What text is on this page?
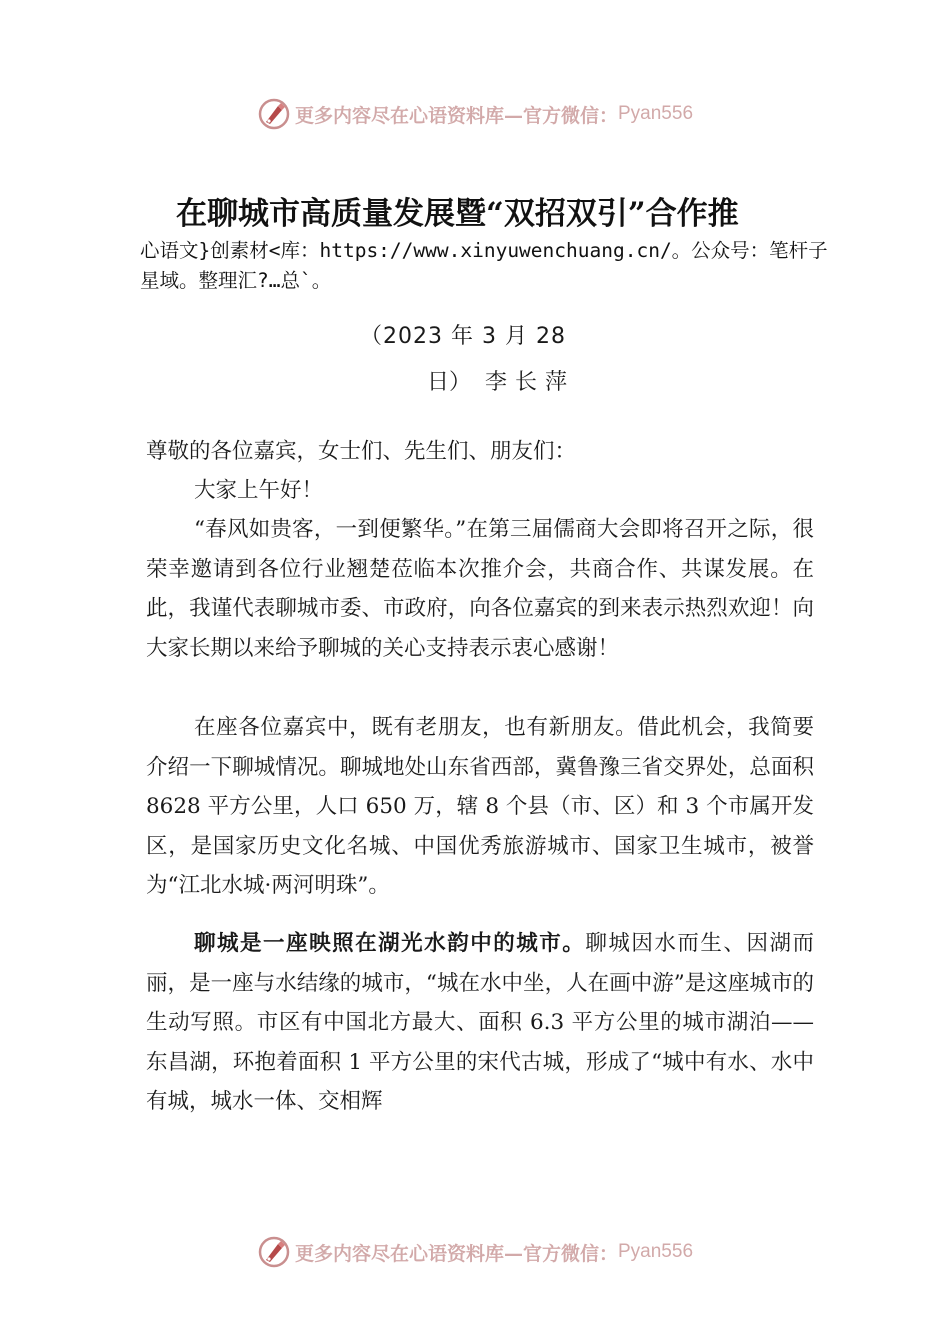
更多内容尽在心语资料库—官方微信： Pyan556
在聊城市高质量发展暨“双招双引”合作推
心语文}创素材<库：https://www.xinyuwenchuang.cn/。公众号：笔杆子星域。整理汇?…总`。
（2023 年 3 月 28
日） 李长萍

尊敬的各位嘉宾，女士们、先生们、朋友们：

大家上午好！

“春风如贵客，一到便繁华。”在第三届儒商大会即将召开之际，很荣幸邀请到各位行业翘楚莅临本次推介会，共商合作、共谋发展。在此，我谨代表聊城市委、市政府，向各位嘉宾的到来表示热烈欢迎！向大家长期以来给予聊城的关心支持表示衷心感谢！

在座各位嘉宾中，既有老朋友，也有新朋友。借此机会，我简要介绍一下聊城情况。聊城地处山东省西部，冀鲁豫三省交界处，总面积 8628 平方公里，人口 650 万，辖 8 个县（市、区）和 3 个市属开发区，是国家历史文化名城、中国优秀旅游城市、国家卫生城市，被誉为“江北水城·两河明珠”。

聊城是一座映照在湖光水韵中的城市。聊城因水而生、因湖而丽，是一座与水结缘的城市，“城在水中坐，人在画中游”是这座城市的生动写照。市区有中国北方最大、面积 6.3 平方公里的城市湖泊——东昌湖，环抱着面积 1 平方公里的宋代古城，形成了“城中有水、水中有城，城水一体、交相辉

更多内容尽在心语资料库—官方微信： Pyan556
